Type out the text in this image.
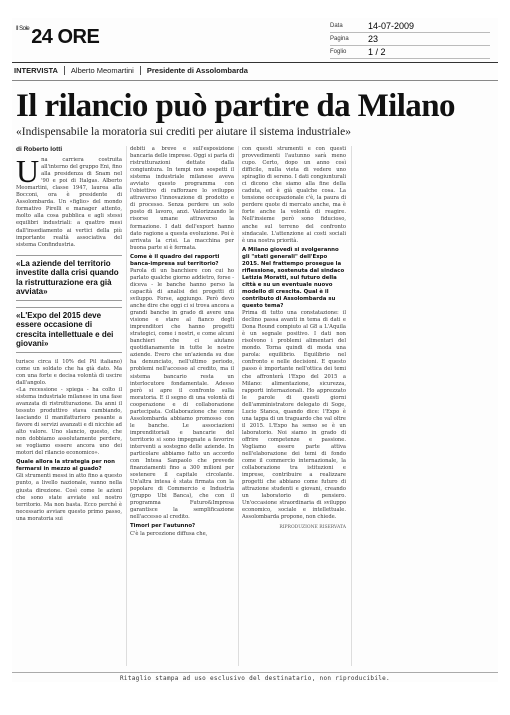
$^{Il Sole}$ 24 ORE	Data	14-07-2009
Pagina	23
Foglio	1 / 2
INTERVISTA Alberto Meomartini Presidente di Assolombarda
Il rilancio può partire da Milano
«Indispensabile la moratoria sui crediti per aiutare il sistema industriale»
di Roberto Iotti
U na carriera costruita all'interno del gruppo Eni, fino alla presidenza di Snam nel '90 e poi di Italgas. Alberto Meomartini, classe 1947, laurea alla Bocconi, ora è presidente di Assolombarda. Un «figlio» del mondo formativo Pirelli e manager attento, molto alla cosa pubblica e agli stessi equilibri industriali: a quattro mesi dall'insediamento ai vertici della più importante realtà associativa del sistema Confindustria.
«La aziende del territorio investite dalla crisi quando la ristrutturazione era già avviata»
«L'Expo del 2015 deve essere occasione di crescita intellettuale e dei giovani»
turisce circa il 10% del Pil italiano) come un soldato che ha già dato. Ma con una forte e decisa volontà di uscire dall'angolo.
«La recessione - spiega - ha colto il sistema industriale milanese in una fase avanzata di ristrutturazione. Da anni il tessuto produttivo stava cambiando, lasciando il manifatturiero pesante a favore di servizi avanzati e di nicchie ad alto valore. Uno slancio, questo, che non dobbiamo assolutamente perdere, se vogliamo essere ancora uno dei motori del rilancio economico».
Quale allora la strategia per non fermarsi in mezzo al guado?
Gli strumenti messi in atto fino a questo punto, a livello nazionale, vanno nella giusta direzione. Così come le azioni che sono state avviate sul nostro territorio. Ma non basta. Ecco perché è necessario avviare questo primo passo, una moratoria sui
debiti a breve e sull'esposizione bancaria delle imprese. Oggi si parla di ristrutturazioni dettate dalla congiuntura. In tempi non sospetti il sistema industriale milanese aveva avviato questo programma con l'obiettivo di rafforzare lo sviluppo attraverso l'innovazione di prodotto e di processo. Senza perdere un solo posto di lavoro, anzi. Valorizzando le risorse umane attraverso la formazione. I dati dell'export hanno dato ragione a questa evoluzione. Poi è arrivata la crisi. La macchina per buona parte si è fermata.
Come è il quadro dei rapporti banca-impresa sul territorio?
Parola di un banchiere con cui ho parlato qualche giorno addietro, forse - diceva - le banche hanno perso la capacità di analisi dei progetti di sviluppo. Forse, aggiungo. Però devo anche dire che oggi ci si trova ancora a grandi banche in grado di avere una visione e stare al fianco degli imprenditori che hanno progetti strategici, come i nostri, e come alcuni banchieri che ci aiutano quotidianamente in tutte le nostre aziende. Evero che un'azienda su due ha denunciato, nell'ultimo periodo, problemi nell'accesso al credito, ma il sistema bancario resta un interlocutore fondamentale. Adesso però si apre il confronto sulla moratoria. E il segno di una volontà di cooperazione e di collaborazione partecipata. Collaborazione che come Assolombarda abbiamo promosso con le banche. Le associazioni imprenditoriali e bancarie del territorio si sono impegnate a favorire interventi a sostegno delle aziende. In particolare abbiamo fatto un accordo con Intesa Sanpaolo che prevede finanziamenti fino a 300 milioni per sostenere il capitale circolante. Un'altra intesa è stata firmata con la popolare di Commercio e Industria (gruppo Ubi Banca), che con il programma Futuro&Impresa garantisce la semplificazione nell'accesso al credito.
Timori per l'autunno?
C'è la percezione diffusa che,
con questi strumenti e con questi provvedimenti l'autunno sarà meno cupo. Certo, dopo un anno così difficile, nulla vieta di vedere uno spiraglio di sereno. I dati congiunturali ci dicono che siamo alla fine della caduta, ed è già qualche cosa. La tensione occupazionale c'è, la paura di perdere quote di mercato anche, ma è forte anche la volontà di reagire. Nell'insieme però sono fiducioso, anche sul terreno del confronto sindacale. L'attenzione ai costi sociali è una nostra priorità.
A Milano giovedì si svolgeranno gli "stati generali" dell'Expo 2015. Nel frattempo prosegue la riflessione, sostenuta dal sindaco Letizia Moratti, sul futuro della città e su un eventuale nuovo modello di crescita. Qual è il contributo di Assolombarda su questo tema?
Prima di tutto una constatazione: il declino passa avanti in tema di dati e Dona Round compiuto al G8 a L'Aquila è un segnale positivo. I dati non risolvono i problemi alimentari del mondo. Torna quindi di moda una parola: equilibrio. Equilibrio nel confronto e nelle decisioni. E questo passo è importante nell'ottica dei temi che affronterà l'Expo del 2015 a Milano: alimentazione, sicurezza, rapporti internazionali. Ho apprezzato le parole di questi giorni dell'amministratore delegato di Soge, Lucio Stanca, quando dice: l'Expo è una tappa di un traguardo che val oltre il 2015. L'Expo ha senso se è un laboratorio. Noi siamo in grado di offrire competenze e passione. Vogliamo essere parte attiva nell'elaborazione dei temi di fondo come il commercio internazionale, la collaborazione tra istituzioni e imprese, contribuire a realizzare progetti che abbiano come futuro di attrazione studenti e giovani, creando un laboratorio di pensiero. Un'occasione straordinaria di sviluppo economico, sociale e intellettuale. Assolombarda propone, non chiede.
RIPRODUZIONE RISERVATA
Ritaglio stampa ad uso esclusivo del destinatario, non riproducibile.
